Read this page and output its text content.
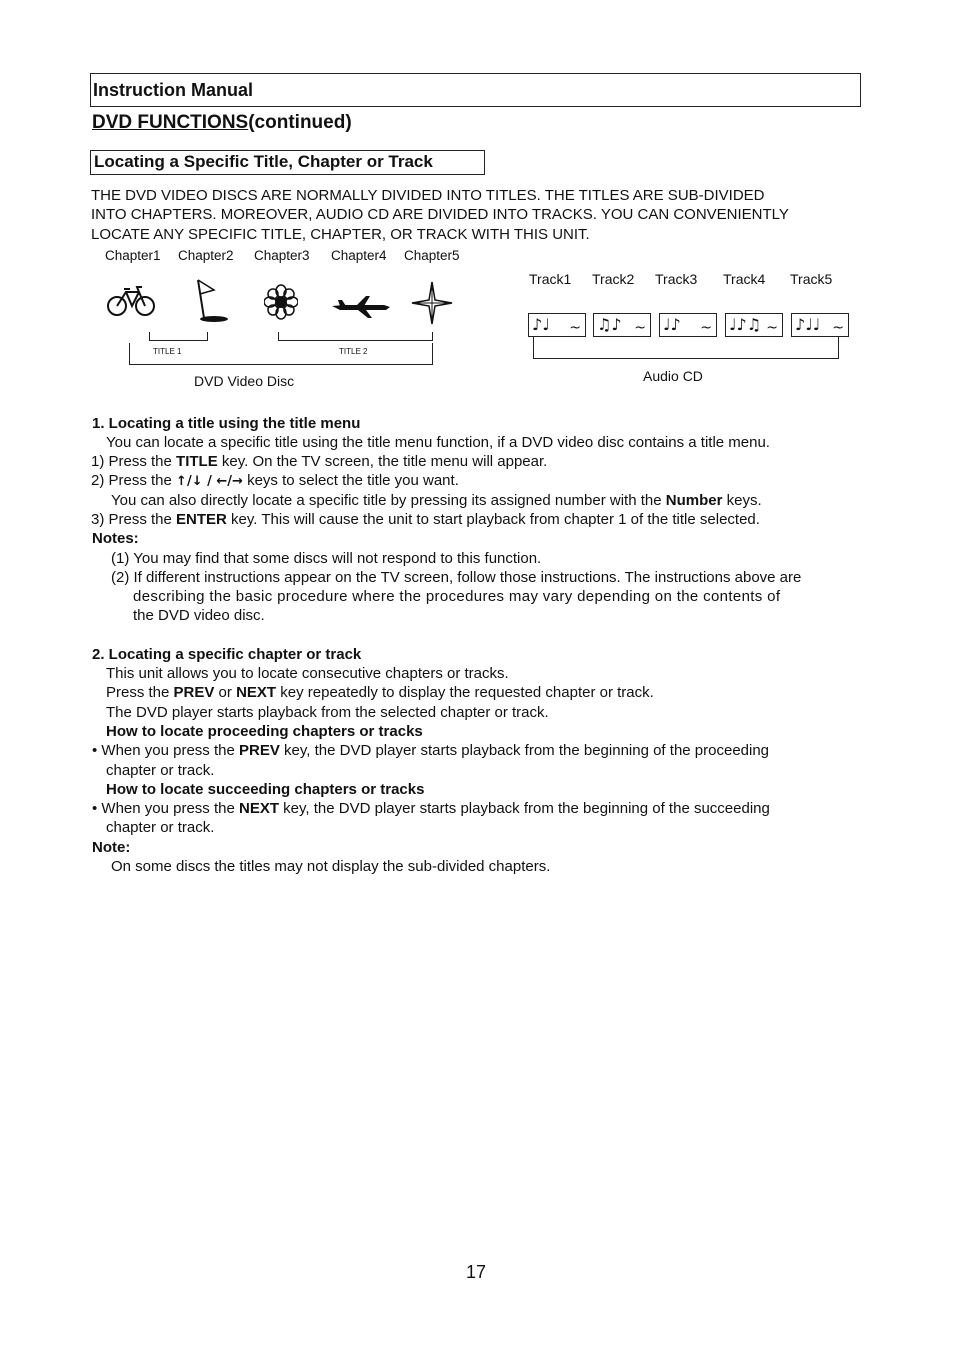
Instruction Manual
DVD FUNCTIONS(continued)
Locating a Specific Title, Chapter or Track
THE DVD VIDEO DISCS ARE NORMALLY DIVIDED INTO TITLES. THE TITLES ARE SUB-DIVIDED
INTO CHAPTERS. MOREOVER, AUDIO CD ARE DIVIDED INTO TRACKS. YOU CAN CONVENIENTLY
LOCATE ANY SPECIFIC TITLE, CHAPTER, OR TRACK WITH THIS UNIT.
Chapter1 Chapter2 Chapter3 Chapter4 Chapter5
TITLE 1	TITLE 2
DVD Video Disc
Track1 Track2 Track3 Track4 Track5
♪♩ ~ ♫♪ ~ ♩♪ ~ ♩♪♫ ~ ♪♩♩ ~
Audio CD
1. Locating a title using the title menu
You can locate a specific title using the title menu function, if a DVD video disc contains a title menu.
1) Press the TITLE key. On the TV screen, the title menu will appear.
2) Press the ↑/↓ / ←/→ keys to select the title you want.
You can also directly locate a specific title by pressing its assigned number with the Number keys.
3) Press the ENTER key. This will cause the unit to start playback from chapter 1 of the title selected.
Notes:
(1) You may find that some discs will not respond to this function.
(2) If different instructions appear on the TV screen, follow those instructions. The instructions above are
describing the basic procedure where the procedures may vary depending on the contents of
the DVD video disc.
2. Locating a specific chapter or track
This unit allows you to locate consecutive chapters or tracks.
Press the PREV or NEXT key repeatedly to display the requested chapter or track.
The DVD player starts playback from the selected chapter or track.
How to locate proceeding chapters or tracks
• When you press the PREV key, the DVD player starts playback from the beginning of the proceeding
chapter or track.
How to locate succeeding chapters or tracks
• When you press the NEXT key, the DVD player starts playback from the beginning of the succeeding
chapter or track.
Note:
On some discs the titles may not display the sub-divided chapters.
17
